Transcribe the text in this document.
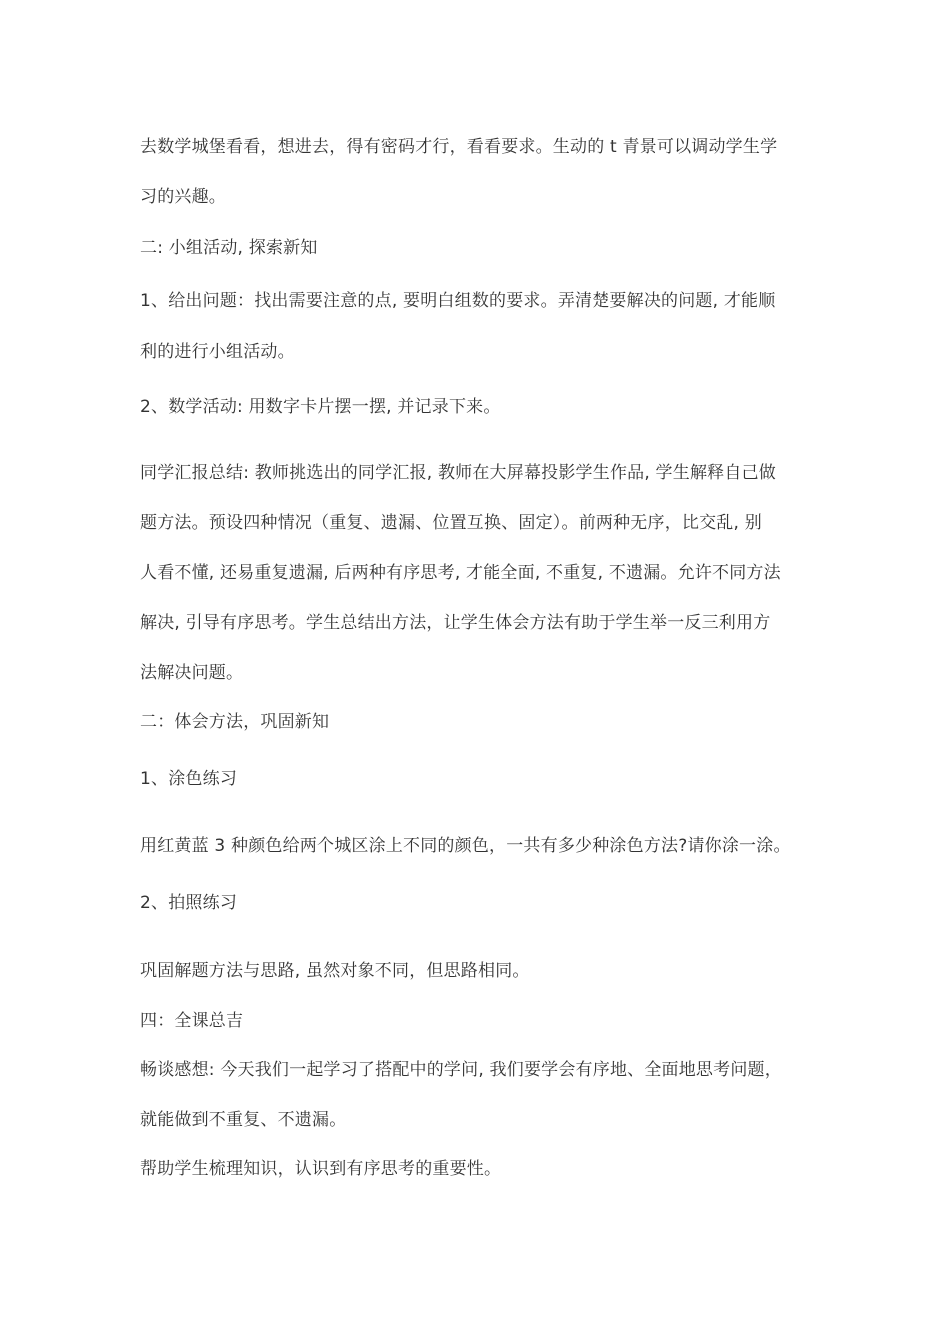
去数学城堡看看，想进去，得有密码才行，看看要求。生动的 t 青景可以调动学生学
习的兴趣。
二: 小组活动, 探索新知
1、给出问题：找出需要注意的点, 要明白组数的要求。弄清楚要解决的问题, 才能顺
利的进行小组活动。
2、数学活动: 用数字卡片摆一摆, 并记录下来。
同学汇报总结: 教师挑选出的同学汇报, 教师在大屏幕投影学生作品, 学生解释自己做
题方法。预设四种情况（重复、遗漏、位置互换、固定）。前两种无序，比交乱, 别
人看不懂, 还易重复遗漏, 后两种有序思考, 才能全面, 不重复, 不遗漏。允许不同方法
解决, 引导有序思考。学生总结出方法，让学生体会方法有助于学生举一反三利用方
法解决问题。
二：体会方法，巩固新知
1、涂色练习
用红黄蓝 3 种颜色给两个城区涂上不同的颜色，一共有多少种涂色方法?请你涂一涂。
2、拍照练习
巩固解题方法与思路, 虽然对象不同，但思路相同。
四：全课总吉
畅谈感想: 今天我们一起学习了搭配中的学问, 我们要学会有序地、全面地思考问题，
就能做到不重复、不遗漏。
帮助学生梳理知识，认识到有序思考的重要性。
